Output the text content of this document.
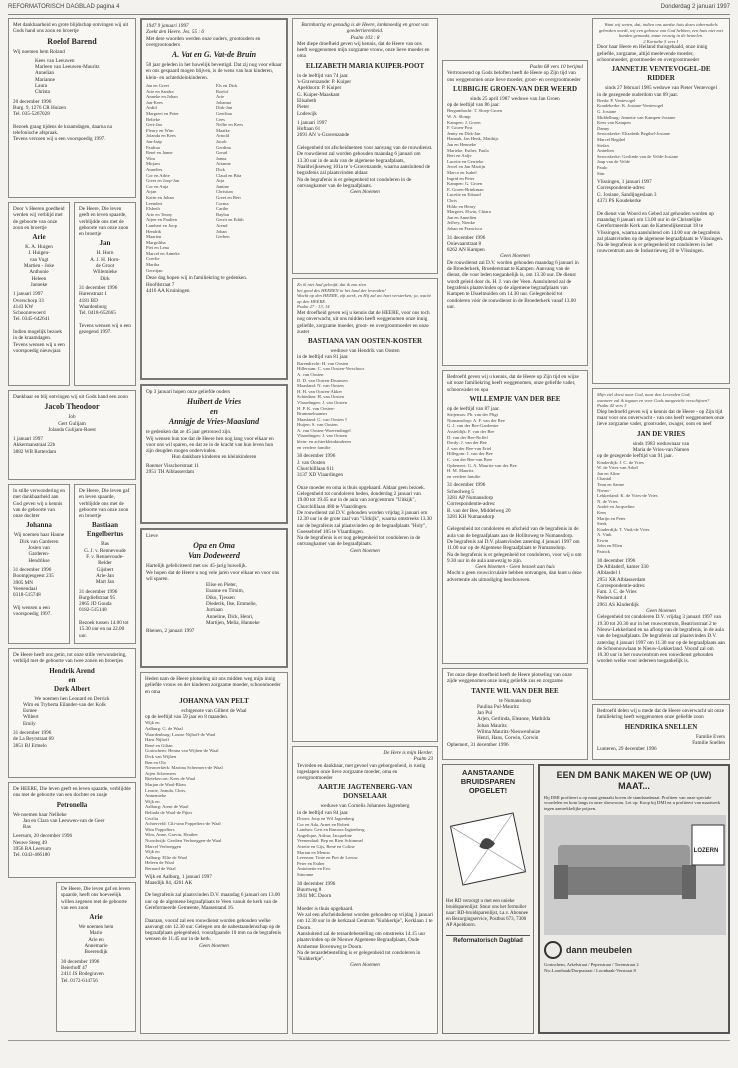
REFORMATORISCH DAGBLAD pagina 4	Donderdag 2 januari 1997
Met dankbaarheid en grote blijdschap ontvingen wij uit Gods hand ons zoon en broertje
Roelof Barend
Wij noemen hem Roland
Kees van Leeuwen
Marleen van Leeuwen-Mauritz
Annelian
Marianne
Laura
Christa
20 december 1996
Burg. 9, 1276 CR Huizen
Tel. 035-5267028

Bezoek graag tijdens de kraamdagen, daarna na telefonische afspraak.
Tevens verzoen wij u een voorspoedig 1997.
Door 's Heeren goedheid werden wij verblijd met de geboorte van onze zoon en broertje
Arie
K. A. Huigen
J. Huigen-
van Vugt
Martien - Joke
Anthonie
Heleen
Janneke
1 januari 1997
Overschorp 33
4143 KW
Schoonrewoerd
Tel. 0345-642641

Indien mogelijk bezoek in de kraamdagen.
Tevens wensen wij u een voorspoedig nieuwjaar.
De Heere, Die leven geeft en leven spaarde, verblijdde ons met de geboorte van onze zoon en broertje
Jan
H. Horn
A. J. H. Horn-
de Groot
Willemieke
Dirk
31 december 1996
Harenstraat 1
4181 BD
Waardenburg
Tel. 0418-652665

Tevens wensen wij u een gezegend 1997.
Dankbaar en blij ontvingen wij uit Gods hand een zoon
Jacob Theodoor
Job
Gert Gulijam
Jolanda Gulijam-Roest
1 januari 1997
Akkermanstraat 22b
3882 WB Rotterdam
In stille verwondering en met dankbaarheid aan God geven wij u kennis van de geboorte van onze dochter
Johanna
Wij noemen haar Hanne
Dirk van Garderen
Josien van
Garderen-
Hendrikse
31 december 1996
Boompjesgeest 235
3905 MN
Veenendaal
0318-515748

Wij wensen u een voorspoedig 1997.
De Heere, Die leven gaf en leven spaarde, verblijdde ons met de geboorte van onze zoon en broertje
Bastiaan Engelbertus
Bas
G. J. v. Rennevoude
F. v. Rennevoude-
Belder
Gijsbert
Arie-Jan
Mart Jan
31 december 1996
Burgdiefstraat 95
2865 JD Gouda
0182-515148

Bezoek tussen 14.00 tot 15.30 uur en na 22.00 uur.
De Heere heeft ons getin, tot onze stille verwondering, verblijd met de geboorte van twee zonen en broertjes
Hendrik Arend
en
Derk Albert
We noemen hen Leonard en Derrick
Wim en Tryberta Eilander-van der Kolk
Esmee
Wilbert
Emily
31 december 1996
de La Beyrstraat 69
3851 BJ Ermelo
De HEERE, Die leven geeft en leven spaarde, verblijdde ons met de geboorte van een dochter en zusje
Petronella
We noemen haar Nellieke
Jan en Clara van Leeuwen-van de Geer
Bas
Leersum, 20 december 1996
Neuwe Steeg 49
3956 BA Leersum
Tel. 0343-466180
De Heere, Die leven gaf en leven spaarde, heeft ons hoeveelijk willen zegenen met de geboorte van een zoon
Arie
We noemen hem
Mario
Arie en
Annemarie
Boerendijk
30 december 1996
Beierhoff 47
2411 JS Bodegraven
Tel. 0172-614756
1947 9 januari 1997
Zoekt den Heere. Jes. 55 : 6
Met dere woorden werden onze ouders, grootouders en overgrootouders
A. Vat en G. Vat-de Bruin
50 jaar geleden in het huwelijk bevestigd. Dat zij nog voor elkaar en ons gespaard mogen blijven, is de wens van hun kinderen, klein- en achterkleinkinderen.
Jan en Greet
Arie en Sandra
Anneke en Johan
Jan-Kees
Ardid
Margreet en Peter
Belieke
Gert-Jan
Fleury en Wim
Jolanda en Kees
Jan-Jaap
Paulina
René en Janne
Wim
Mirjam
Annelies
Cor en Adrie
Greet en Joop-Jan
Cor en Anja
Arjan
Karin en Johan
Leendert
Elsbeth
Arie en Teuny
Arjen en Paulien
Lambert en Joop
Hendrik
Maarten
Margriltha
Piet en Lena
Marcel en Anneke
Coerlie
Martha
Gerritjan
Els en Dick
Roelof
Arie
Johanna
Dirk-Jan
Geerlina
Cees
Nellie en Kees
Maaike
Arnold
Jacob
Gerdina
Gerad
Janna
Arianne
Dick
Claud en Bita
Arja
Jantine
Christian
Greet en Bert
Corma
Carthe
Baylan
Gerrit en Edith
Arend
Johan
Gerben
Deze dag hopen wij in familiekring te gedenken.
Hoofdstraat 7
4416 AA Kruiningen
Op 3 januari hopen onze geliefde ouders
Huibert de Vries
en
Annigje de Vries-Maasland
te gedenken dat ze 45 jaar getrouwd zijn.
Wij wensen hun toe dat de Heere hen nog lang voor elkaar en voor ons wil sparen, en dat ze in de kracht van hun leven hun zijn deugden mogen ondervinden.
Hun dankbare kinderen en kleinkinderen
Roemer Visscherstraat 11
2951 TH Alblasserdam
Lieve
Opa en Oma
Van Dodeweerd
Hartelijk gefeliciteerd met uw 45-jarig huwelijk.
We hopen dat de Heere u nog vele jaren voor elkaar en voor ons wil sparen.
Elise en Pieter,
Esanne en Tirnim,
Diko, Tjessen
Diederik, Ilse, Emmelie,
Jurriaan
Anneline, Dick, Henri,
Martijen, Melia, Hanneke
Rhenen, 2 januari 1997
Heden nam de Heere plotseling uit ons midden weg mijn innig geliefde vrouw en der kinderen zorgzame moeder, schoonmoeder en oma
JOHANNA VAN PELT
echtgenote van Gilbert de Waal
op de leeftijd van 59 jaar en 8 maanden.
Wijk en
Aalburg: G. de Waal
Waardenburg: Louise Nijhoff-de Waal
Hans Nijhoff
René en Gilian
Gorinchem: Henna van Wijhen-de Waal
Dick van Wijhen
Ben en Ola
Nieuwerkerk: Martina Schermers-de Waal
Arjen Schermers
Rietekercort: Kees de Waal
Marjan de Waal-Blom
Leonie, Joanda, Chris,
Annemieke
Wijk en
Aalburg: Arent de Waal
Belinda de Waal-de Pijter
Cecilia
Achterveld: Cili-sinn Poppeliers-de Waal
Wim Poppeliers
Wim, Anne, Gravin, Heather
Noordwijk: Gerdien Verhoeggen-de Waal
Marcel Verhoeggen
Wijk en
Aalburg: Ellie de Waal
Heleen de Waal
Bernard de Waal
Wijk en Aalburg, 1 januari 1997
Maasdijk 84, 4261 AK

De begrafenis zal plaatsvinden D.V. maandag 6 januari om 13.00 uur op de algemene begraafplaats te Veen vanuit de kerk van de Gereformeerde Gemeente, Maasentand 16.

Daaraan, vooraf zal een rouwdienst worden gehouden welke aanvangt om 12.30 uur. Gelegen om de nabestaandenschap op de begraafplaats gelegenheid, voorafgaande 10 mm na de begrafenis wensen de 11.45 uur in de kerk.
Geen bloemen
Barmhartig en genadig is de Heere, lankmoedig en groot van goedertierenheid.
Psalm 103 : 8
Met diepe droefheid geven wij kennis, dat de Heere van ons heeft weggenomen mijn zorgzame vrouw, onze lieve moeder en oma
ELIZABETH MARIA KUIPER-POOT
in de leeftijd van 74 jaar.
's-Gravenzande: P. Kuiper
Apeldoorn: P. Kuiper
G. Kuiper-Maaskant
Elisabeth
Pieter
Lodewijk
1 januari 1997
Hoftaan 61
2691 AN 's-Gravenzande

Gelegenheid tot afscheidnemen voor aanvang van de rouwdienst.
De rouwdienst zal worden gehouden maandag 6 januari om 13.30 uur in de aula van de algemene begraafplaats, Naaldwijkseweg 101a te 's-Gravenzande, waarna aansluitend de begrafenis zal plaatsvinden aldaar.
Na de begrafenis is er gelegenheid tot condoleren in de ontvangkamer van de begraafplaats.
Geen bloemen
Zo ik niet had geloofd, dat ik zou zien
het goed des HEEREN in het land der levenden!
Wacht op den HEERE, zijt sterk, en Hij zal uw hart versterken; ja, wacht op den HEERE.
Psalm 27 : 13, 14
Met droefheid geven wij u kennis dat de HEERE, voor ons toch nog onverwacht, uit ons midden heeft weggenomen onze innig geliefde, zorgzame moeder, groot- en overgrootmoeder en onze zuster
BASTIANA VAN OOSTEN-KOSTER
weduwe van Hendrik van Oosten
in de leeftijd van 81 jaar.
Barendrecht: H. van Oosten
Hillersum: C. van Oosten-Verschoor
A. van Oosten
D. D. van Oosten-Druuwen
Maasland: N. van Oosten
H. H. van Oosten-Akker
Schiedam: H. van Oosten
Vlaardingen: J. van Oosten
H. P. K. van Oosten-
Brummelraamer
Maasland: G. van Oosten †
Huijen: S. van Oosten
A. van Oosten-Woerendingel
Vlaardingen: J. van Oosten
klein- en achterkleinkinderen
en verdere familie
30 december 1996
J. van Oosten
Churchilllaan 611
3137 XD Vlaardingen

Onze moeder en oma is thuis opgebaard. Aldaar geen bezoek.
Gelegenheid tot condoleren heden, donderdag 2 januari van 19.00 tot 19.45 uur in de aula van zorgcentrum "Uitkijk", Churchilllaan 480 te Vlaardingen.
De rouwdienst zal D.V. gehouden worden vrijdag 3 januari om 12.30 uur in de grote zaal van "Uitkijk", waarna omstreeks 13.30 uur de begrafenis zal plaatsvinden op de begraafplaats "Holy", Goessebrief 105 te Vlaardingen.
Na de begrafenis is er nog gelegenheid tot condoleren in de ontvangkamer van de begraafplaats.
Geen bloemen
De Here is mijn Herder.
Psalm 23
Tevreden en dankbaar, met gevoel van geborgenheid, is rustig ingeslapen onze lieve zorgzame moeder, oma en overgrootmoeder
AARTJE JAGTENBERG-VAN DONSELAAR
weduwe van Cornelis Johannes Jagtenberg
in de leeftijd van 84 jaar.
Doorn: Joop en Wil Jagtenberg
Cor en Ada, Arnet en Robert
Landsm: Gert en Ramora Jagtenberg
Angelique, Arthur, Jacqueline
Veenendaal: Bep en Rien Schimmel
Ariette en Gijs, René en Coline
Marian en Menno
Leersum: Tinie en Piet de Leeuw
Peter en Esther
Antoinette en Eric
Simonne
30 december 1996
Buurtweg 8
3941 MC Doorn

Moeder is thuis opgebaard.
We zal een afscheidsdienst worden gehouden op vrijdag 3 januari om 12.30 uur in de kerkzaal Centrum "Kuhkerkje", Kerklaan 1 te Doorn.
Aansluitend zal de teraardebestelling om omstreeks 14.15 uur plaatsvinden op de Nieuwe Algemene Begraafplaats, Oude Arnhemse Bovenweg te Doorn.
Na de teraardebestelling is er gelegenheid tot condoleren in "Kuhkerkje".
Geen bloemen
Psalm 68 vers 10 berijmd
Vertrouwend op Gods beloften heeft de Heere op Zijn tijd van ons weggenomen onze lieve moeder, groot- en overgrootmoeder
LUBBIGJE GROEN-VAN DER WEERD
sinds 25 april 1987 weduwe van Jan Groen
op de leeftijd van 86 jaar.
Bergambacht: T. Sloep-Groen
W. A. Slomp
Kampen: J. Groen
F. Groen-Post
Jenny en Dirk-Jan
Hannah, Jan Henk, Matthijs
Jan en Henneke
Marieke, Esther, Paula
Bert en Aafje
Lucette en Gerrieke
Jewel en Jan Martijn
Marco en Isabel
Ingrid en Peter
Kampen: G. Groen
E. Groen-Brinkman
Lucette en Eduard
Chris
Hildo en Henry
Margriet, Elwin, Chiara
Jan en Annelien
Jeffrey, Nienke
Johan en Francisca
31 december 1996
Ooievaarstraat 8
8262 AN Kampen
Geen bloemen
De rouwdienst zal D.V. worden gehouden maandag 6 januari in de Broederkerk, Broederstraat te Kampen. Aanvang van de dienst, die voor leden toegankelijk is, om 13.30 uur. De dienst wordt geleid door ds. H. J. van der Veen. Aansluitend zal de begrafenis plaatsvinden op de algemene begraafplaats van Kampen te IJsselmuiden om 14.30 uur. Gelegenheid tot condoleren vóór de rouwdienst in de Broederkerk vanaf 13.00 uur.
Bedroefd geven wij u kennis, dat de Heere op Zijn tijd en wijze uit onze familiekring heeft weggenomen, onze geliefde vader, schoonvader en opa
WILLEMPJE VAN DER BEE
op de leeftijd van 87 jaar.
Strijensas: Ph. van der Pligt
Numansdorp: A. F. van der Ree
G. J. van der Bee-Gardenier
Assteldijk: F. van der Bee
D. van der Bee-Roffel
Derdy: J. van der Bee
J. van der Bee-van Ertel
Hillegom: J. van der Bee
C. van der Bee-van Bree
Ophemert: G. A. Mauritz-van der Bee
H. M. Mauritz
en verdere familie
31 december 1996
Schoolweg 5
3281 AP Numansdorp
Correspondentie-adres:
B. van der Bee, Middelweg 20
3281 KH Numansdorp

Gelegenheid tot condoleren en afscheid van de begrafenis in de aula van de begraafplaats aan de Hollitoweg te Numansdorp.
De begrafenis zal D.V. plaatsvinden zaterdag 4 januari 1997 om 11.00 uur op de Algemene Begraafplaats te Numansdorp.
Na de begrafenis is er gelegenheid tot condoleren, voor wij u om 9.30 uur in de aula aanwezig te zijn.
Geen bloemen - Geen bezoek aan huis
Mocht u geen rouwcirculaire hebben ontvangen, dan kunt u deze advertentie als uitnodiging beschouwen.
Tot onze diepe droefheid heeft de Heere plotseling van onze zijde weggenomen onze innig geliefde zus en zorgzame
TANTE WIL VAN DER BEE
te Numansdorp
Paulina Pul-Mauritz
Jan Pul
Arjen, Gerlinda, Eleanne, Mathilda
Johan Mauritz
Wilma Mauritz-Nieuwenhuize
Henri, Hans, Corwin, Corwin
Ophemert, 31 december 1996
AANSTAANDE BRUIDSPAREN OPGELET!
Het RD verzorgt u met een unieke bruidsparenlijst: Stuur ons het formulier naar: RD-bruidsparenlijst, t.a.v. Abonnee en Bezorgingservice, Postbus 673, 7300 AP Apeldoorn.
Reformatorisch Dagblad
EEN DM BANK MAKEN WE OP (UW) MAAT...
Bij DMI profiteert u op maat gemaakt boven de standaardmaat. Profiteer van onze speciale voordelen en kom langs in onze showroom. Let op: Koop bij DMI en u profiteert van maatwerk tegen aantrekkelijke prijzen.
LOZERN
dann meubelen
Gorinchem, Arkelstraat / Peperstraat / Torenstraat 2
Nic.Loonbaak/Dorpsstraat / Loonbaak-Verstraat 8
Want wij weten, dat, indien ons aardse huis dezes tabernakels gebroken wordt, wij een gebouw van God hebben, een huis niet met handen gemaakt, maar eeuwig in de hemelen.
2 Korinthe 5 vers 1
Door haar Heere en Heiland thuisgehaald, onze innig geliefde, zorgzame, altijd meelevende moeder, schoonmoeder, grootmoeder en overgrootmoeder
JANNETJE VENTEVOGEL-DE RIDDER
sinds 27 februari 1985 weduwe van Pieter Ventevogel
in de gezegende ouderdom van 89 jaar.
Breda: P. Ventevogel
Koudekerke: K. Josiane-Ventevogel
G. Josiane
Middelburg: Jeanette van Kampen-Josiane
Kees van Kampen
Danny
Serooskerke: Elizabeth Begthel-Josiane
Marcel Begthel
Stefan
Annelien
Serooskerke: Gerlinde van de Velde-Josiane
Jaap van de Velde
Paulo
Sim
Vlissingen, 1 januari 1997
Correspondentie-adres:
G. Josiane, Sandijngeslaan 3
4371 PS Koudekerke

De dienst van Woord en Gebed zal gehouden worden op maandag 6 januari om 13.00 uur in de Christelijke Gereformeerde Kerk aan de Kattendijkestraat 18 te Vlissingen, waarna aansluitend om 14.00 uur de begrafenis zal plaatsvinden op de algemene begraafplaats te Vlissingen.
Na de begrafenis is er gelegenheid tot condoleren in het rouwcentrum aan de Industrieweg 20 te Vlissingen.
Mijn ziel dorst naar God, naar den Levenden God;
wanneer zal ik ingaan en voor Gods aangezicht verschijnen?
Psalm 42 vers 3
Diep bedroefd geven wij u kennis dat de Heere - op Zijn tijd maar voor ons onverwacht - van ons heeft weggenomen onze lieve zorgzame vader, grootvader, zwager, oom en neef
JAN DE VRIES
sinds 1983 weduwnaar van
Maria de Vries-van Namen
op de gezegende leeftijd van 91 jaar.
Kinderdijk: J. C. de Vries
W. de Vries-van Arkel
Jan en Aline
Chantal
Teun en Sanne
Nieuw-
Lekkerland: K. de Vries-de Vries
N. de Vries
André en Jacqueline
Kees
Marijn en Peter
Sierk
Kinderdijk: T. Vink-de Vries
A. Vink
Erwin
John en Ellen
Patrick
30 december 1996
De Albladerf, kamer 330
Alblasdel 1
2951 XR Alblasserdam
Correspondentie-adres:
Fam. J. C. de Vries
Nederwaard 4
2961 AS Kinderdijk
Geen bloemen
Gelegenheid tot condoleren D.V. vrijdag 3 januari 1997 van 19.30 tot 20.30 uur in het rouwcentrum, Beatrixstraat 2 te Nieuw-Lekkerland en na afloop van de begrafenis, in de aula van de begraafplaats. De begrafenis zal plaatsvinden D.V. zaterdag 4 januari 1997 om 11.30 uur op de begraafplaats aan de Schoonouwlaan te Nieuw-Lekkerland. Vooraf zal om 10.30 uur in het rouwcentrum een rouwdienst gehouden worden welke voor iedereen toegankelijk is.
Bedroefd delen wij u mede dat de Heere onverwacht uit onze familiekring heeft weggenomen onze geliefde zoon
HENDRIKA SNELLEN
Familie Evers
Familie Snellen
Lunteren, 29 december 1996
